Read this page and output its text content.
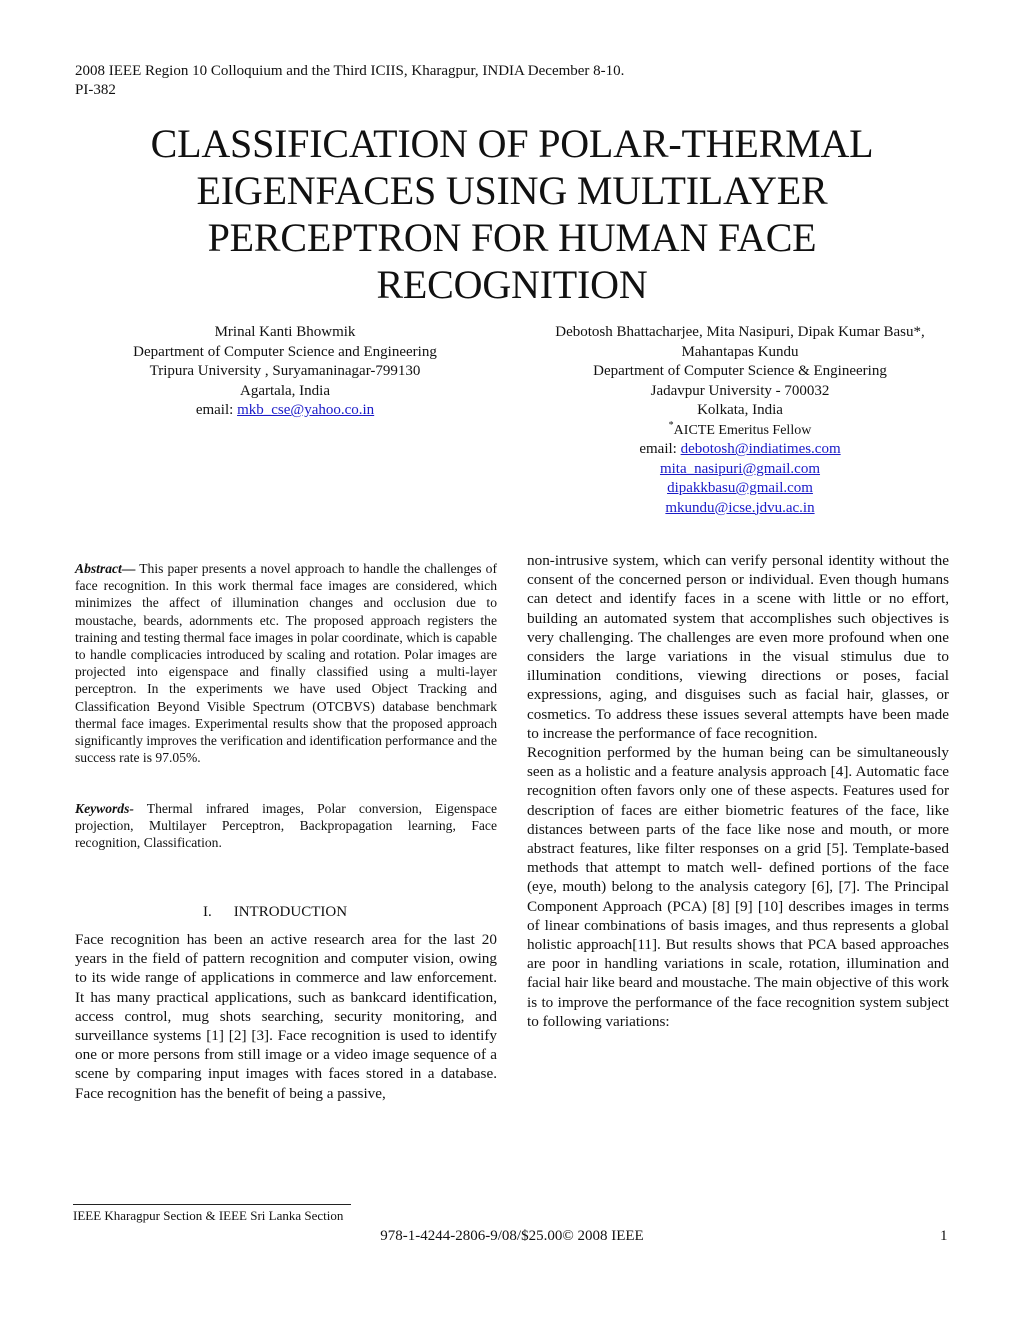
2008 IEEE Region 10 Colloquium and the Third ICIIS, Kharagpur, INDIA December 8-10.
PI-382
CLASSIFICATION OF POLAR-THERMAL
EIGENFACES USING MULTILAYER
PERCEPTRON FOR HUMAN FACE
RECOGNITION
Mrinal Kanti Bhowmik
Department of Computer Science and Engineering
Tripura University , Suryamaninagar-799130
Agartala, India
email: mkb_cse@yahoo.co.in
Debotosh Bhattacharjee, Mita Nasipuri, Dipak Kumar Basu*,
Mahantapas Kundu
Department of Computer Science & Engineering
Jadavpur University - 700032
Kolkata, India
*AICTE Emeritus Fellow
email: debotosh@indiatimes.com
mita_nasipuri@gmail.com
dipakkbasu@gmail.com
mkundu@icse.jdvu.ac.in
Abstract— This paper presents a novel approach to handle the challenges of face recognition. In this work thermal face images are considered, which minimizes the affect of illumination changes and occlusion due to moustache, beards, adornments etc. The proposed approach registers the training and testing thermal face images in polar coordinate, which is capable to handle complicacies introduced by scaling and rotation. Polar images are projected into eigenspace and finally classified using a multi-layer perceptron. In the experiments we have used Object Tracking and Classification Beyond Visible Spectrum (OTCBVS) database benchmark thermal face images. Experimental results show that the proposed approach significantly improves the verification and identification performance and the success rate is 97.05%.
Keywords- Thermal infrared images, Polar conversion, Eigenspace projection, Multilayer Perceptron, Backpropagation learning, Face recognition, Classification.
I. INTRODUCTION
Face recognition has been an active research area for the last 20 years in the field of pattern recognition and computer vision, owing to its wide range of applications in commerce and law enforcement. It has many practical applications, such as bankcard identification, access control, mug shots searching, security monitoring, and surveillance systems [1] [2] [3]. Face recognition is used to identify one or more persons from still image or a video image sequence of a scene by comparing input images with faces stored in a database. Face recognition has the benefit of being a passive,

non-intrusive system, which can verify personal identity without the consent of the concerned person or individual. Even though humans can detect and identify faces in a scene with little or no effort, building an automated system that accomplishes such objectives is very challenging. The challenges are even more profound when one considers the large variations in the visual stimulus due to illumination conditions, viewing directions or poses, facial expressions, aging, and disguises such as facial hair, glasses, or cosmetics. To address these issues several attempts have been made to increase the performance of face recognition.

Recognition performed by the human being can be simultaneously seen as a holistic and a feature analysis approach [4]. Automatic face recognition often favors only one of these aspects. Features used for description of faces are either biometric features of the face, like distances between parts of the face like nose and mouth, or more abstract features, like filter responses on a grid [5]. Template-based methods that attempt to match well- defined portions of the face (eye, mouth) belong to the analysis category [6], [7]. The Principal Component Approach (PCA) [8] [9] [10] describes images in terms of linear combinations of basis images, and thus represents a global holistic approach[11]. But results shows that PCA based approaches are poor in handling variations in scale, rotation, illumination and facial hair like beard and moustache. The main objective of this work is to improve the performance of the face recognition system subject to following variations:

IEEE Kharagpur Section & IEEE Sri Lanka Section
978-1-4244-2806-9/08/$25.00© 2008 IEEE	1
